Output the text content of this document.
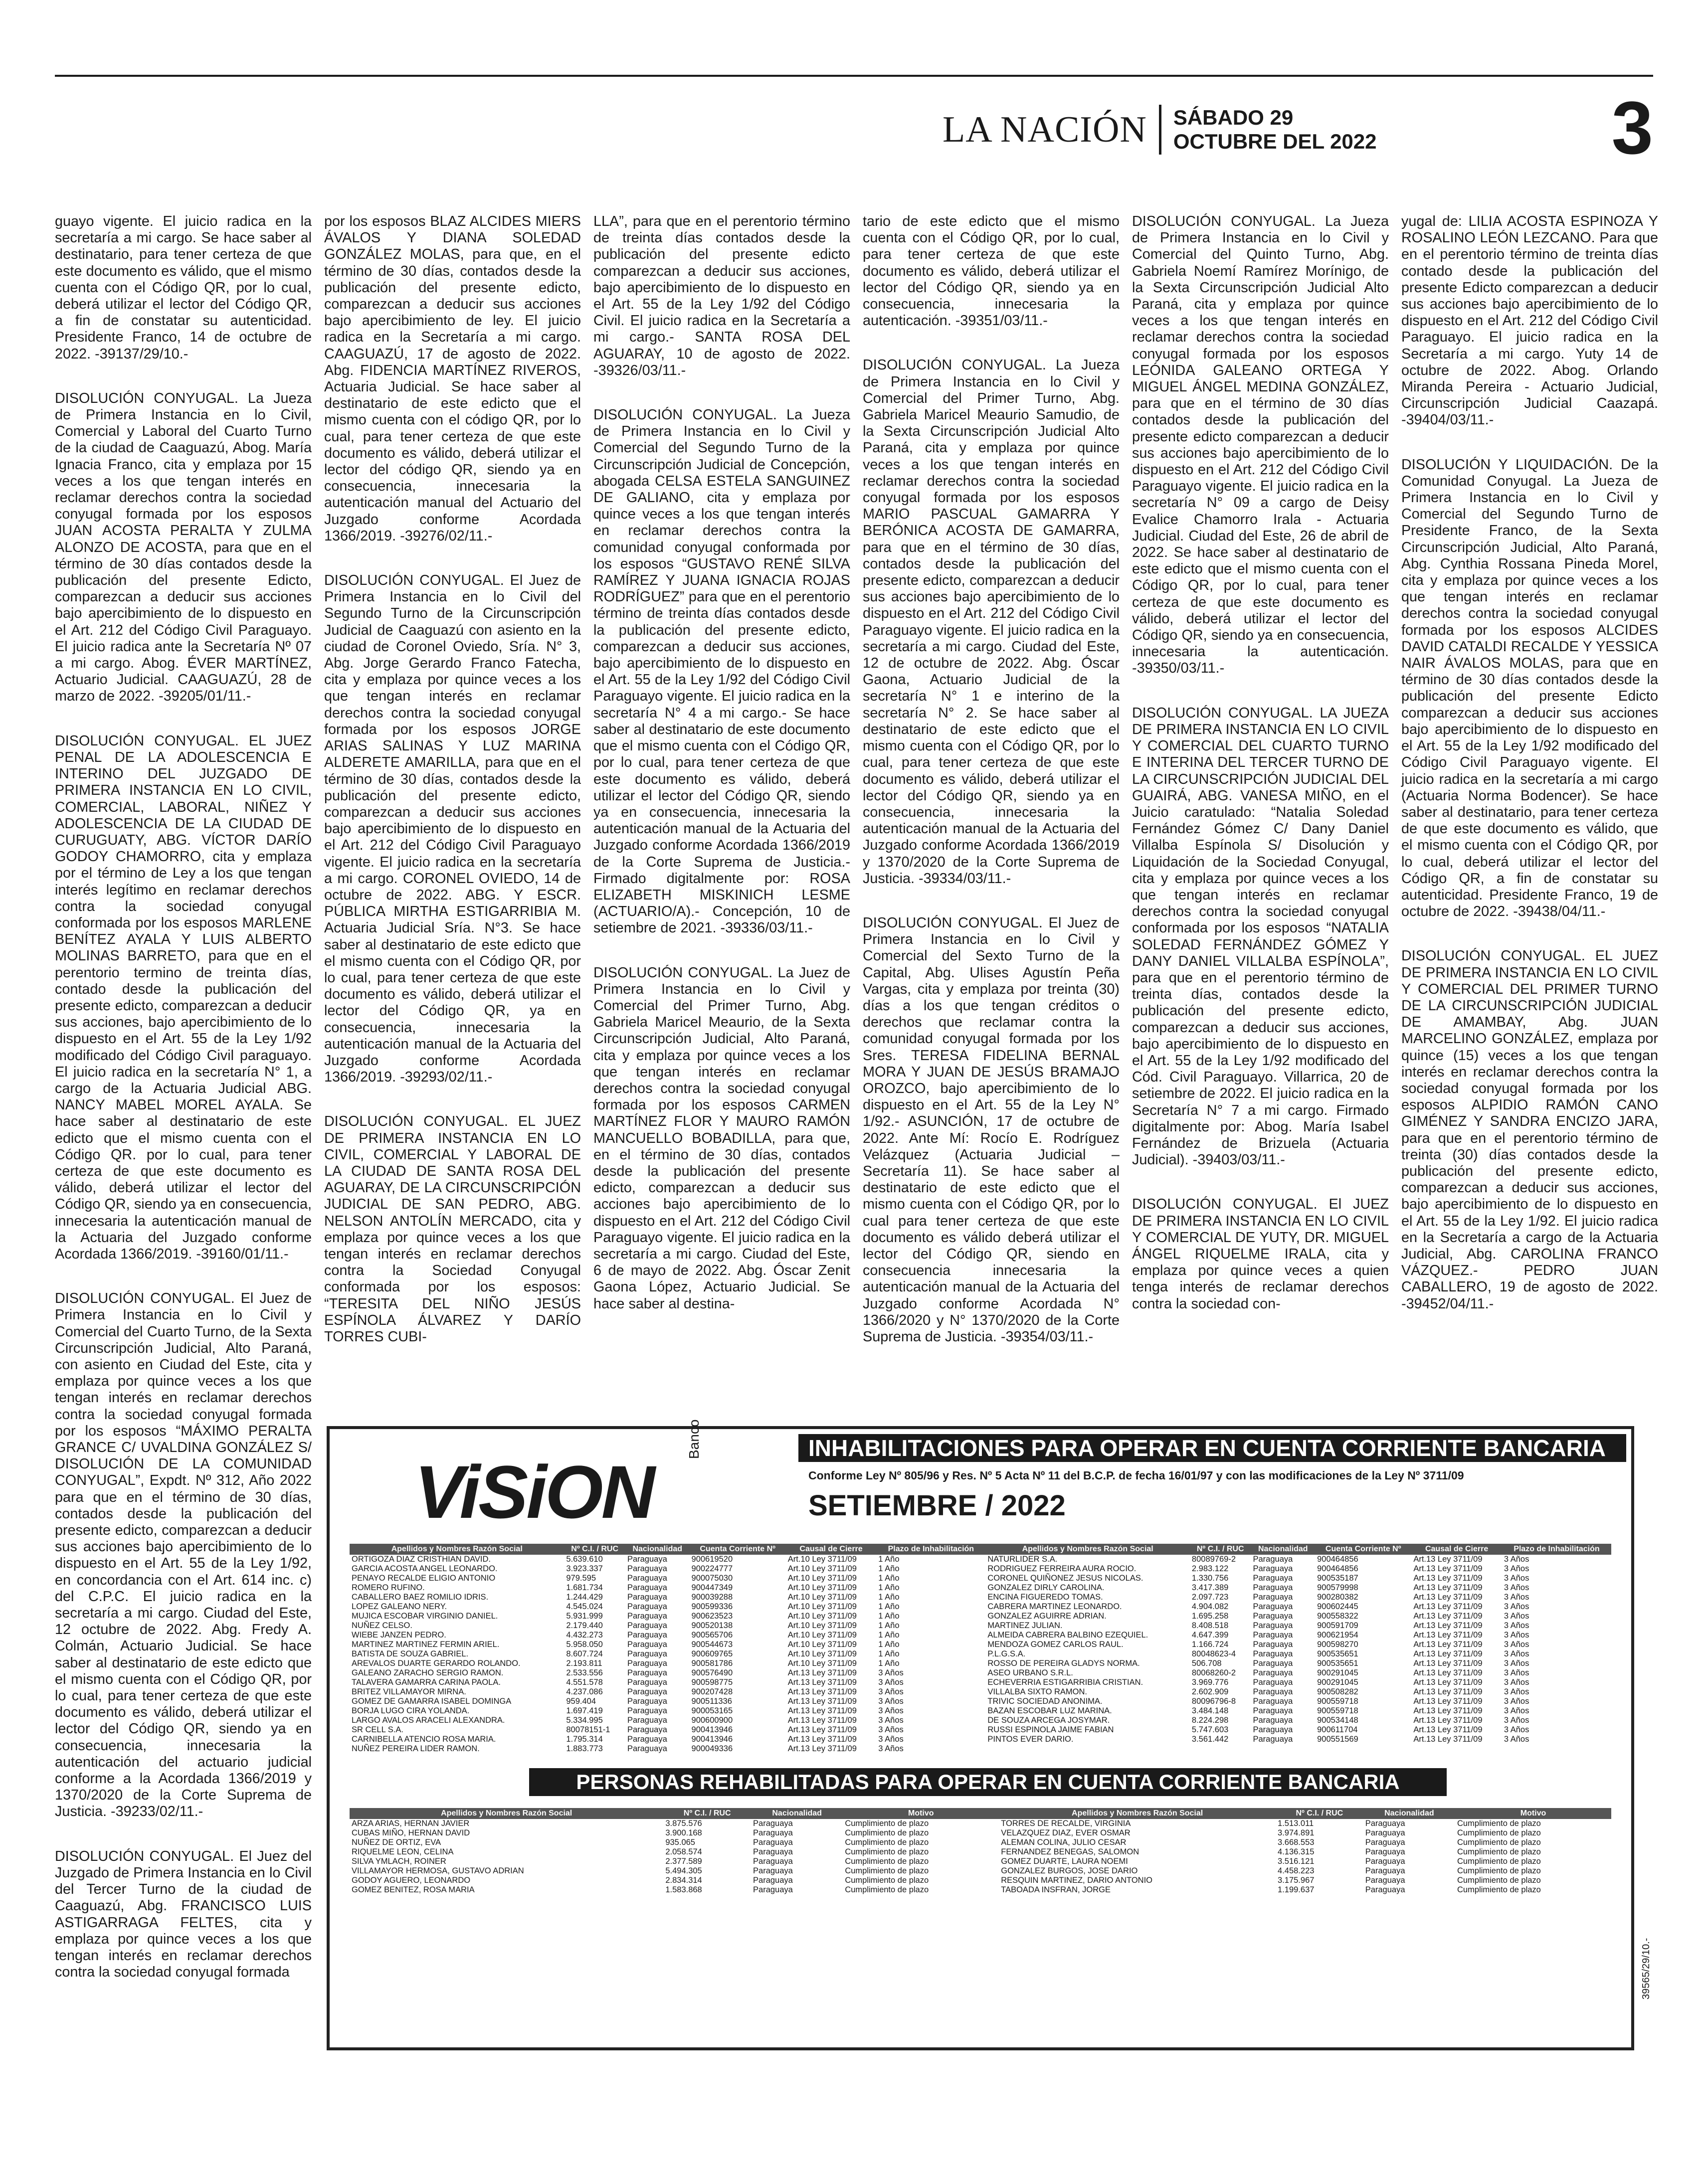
LA NACIÓN SÁBADO 29
OCTUBRE DEL 2022	3

guayo vigente. El juicio radica en la secretaría a mi cargo. Se hace saber al destinatario, para tener certeza de que este documento es válido, que el mismo cuenta con el Código QR, por lo cual, deberá utilizar el lector del Código QR, a fin de constatar su autenticidad. Presidente Franco, 14 de octubre de 2022. -39137/29/10.-

DISOLUCIÓN CONYUGAL. La Jueza de Primera Instancia en lo Civil, Comercial y Laboral del Cuarto Turno de la ciudad de Caaguazú, Abog. María Ignacia Franco, cita y emplaza por 15 veces a los que tengan interés en reclamar derechos contra la sociedad conyugal formada por los esposos JUAN ACOSTA PERALTA Y ZULMA ALONZO DE ACOSTA, para que en el término de 30 días contados desde la publicación del presente Edicto, comparezcan a deducir sus acciones bajo apercibimiento de lo dispuesto en el Art. 212 del Código Civil Paraguayo. El juicio radica ante la Secretaría Nº 07 a mi cargo. Abog. ÉVER MARTÍNEZ, Actuario Judicial. CAAGUAZÚ, 28 de marzo de 2022. -39205/01/11.-

DISOLUCIÓN CONYUGAL. EL JUEZ PENAL DE LA ADOLESCENCIA E INTERINO DEL JUZGADO DE PRIMERA INSTANCIA EN LO CIVIL, COMERCIAL, LABORAL, NIÑEZ Y ADOLESCENCIA DE LA CIUDAD DE CURUGUATY, ABG. VÍCTOR DARÍO GODOY CHAMORRO, cita y emplaza por el término de Ley a los que tengan interés legítimo en reclamar derechos contra la sociedad conyugal conformada por los esposos MARLENE BENÍTEZ AYALA Y LUIS ALBERTO MOLINAS BARRETO, para que en el perentorio termino de treinta días, contado desde la publicación del presente edicto, comparezcan a deducir sus acciones, bajo apercibimiento de lo dispuesto en el Art. 55 de la Ley 1/92 modificado del Código Civil paraguayo. El juicio radica en la secretaría N° 1, a cargo de la Actuaria Judicial ABG. NANCY MABEL MOREL AYALA. Se hace saber al destinatario de este edicto que el mismo cuenta con el Código QR. por lo cual, para tener certeza de que este documento es válido, deberá utilizar el lector del Código QR, siendo ya en consecuencia, innecesaria la autenticación manual de la Actuaria del Juzgado conforme Acordada 1366/2019. -39160/01/11.-

DISOLUCIÓN CONYUGAL. El Juez de Primera Instancia en lo Civil y Comercial del Cuarto Turno, de la Sexta Circunscripción Judicial, Alto Paraná, con asiento en Ciudad del Este, cita y emplaza por quince veces a los que tengan interés en reclamar derechos contra la sociedad conyugal formada por los esposos “MÁXIMO PERALTA GRANCE C/ UVALDINA GONZÁLEZ S/ DISOLUCIÓN DE LA COMUNIDAD CONYUGAL”, Expdt. Nº 312, Año 2022 para que en el término de 30 días, contados desde la publicación del presente edicto, comparezcan a deducir sus acciones bajo apercibimiento de lo dispuesto en el Art. 55 de la Ley 1/92, en concordancia con el Art. 614 inc. c) del C.P.C. El juicio radica en la secretaría a mi cargo. Ciudad del Este, 12 octubre de 2022. Abg. Fredy A. Colmán, Actuario Judicial. Se hace saber al destinatario de este edicto que el mismo cuenta con el Código QR, por lo cual, para tener certeza de que este documento es válido, deberá utilizar el lector del Código QR, siendo ya en consecuencia, innecesaria la autenticación del actuario judicial conforme a la Acordada 1366/2019 y 1370/2020 de la Corte Suprema de Justicia. -39233/02/11.-

DISOLUCIÓN CONYUGAL. El Juez del Juzgado de Primera Instancia en lo Civil del Tercer Turno de la ciudad de Caaguazú, Abg. FRANCISCO LUIS ASTIGARRAGA FELTES, cita y emplaza por quince veces a los que tengan interés en reclamar derechos contra la sociedad conyugal formada

por los esposos BLAZ ALCIDES MIERS ÁVALOS Y DIANA SOLEDAD GONZÁLEZ MOLAS, para que, en el término de 30 días, contados desde la publicación del presente edicto, comparezcan a deducir sus acciones bajo apercibimiento de ley. El juicio radica en la Secretaría a mi cargo. CAAGUAZÚ, 17 de agosto de 2022. Abg. FIDENCIA MARTÍNEZ RIVEROS, Actuaria Judicial. Se hace saber al destinatario de este edicto que el mismo cuenta con el código QR, por lo cual, para tener certeza de que este documento es válido, deberá utilizar el lector del código QR, siendo ya en consecuencia, innecesaria la autenticación manual del Actuario del Juzgado conforme Acordada 1366/2019. -39276/02/11.-

DISOLUCIÓN CONYUGAL. El Juez de Primera Instancia en lo Civil del Segundo Turno de la Circunscripción Judicial de Caaguazú con asiento en la ciudad de Coronel Oviedo, Sría. N° 3, Abg. Jorge Gerardo Franco Fatecha, cita y emplaza por quince veces a los que tengan interés en reclamar derechos contra la sociedad conyugal formada por los esposos JORGE ARIAS SALINAS Y LUZ MARINA ALDERETE AMARILLA, para que en el término de 30 días, contados desde la publicación del presente edicto, comparezcan a deducir sus acciones bajo apercibimiento de lo dispuesto en el Art. 212 del Código Civil Paraguayo vigente. El juicio radica en la secretaría a mi cargo. CORONEL OVIEDO, 14 de octubre de 2022. ABG. Y ESCR. PÚBLICA MIRTHA ESTIGARRIBIA M. Actuaria Judicial Sría. N°3. Se hace saber al destinatario de este edicto que el mismo cuenta con el Código QR, por lo cual, para tener certeza de que este documento es válido, deberá utilizar el lector del Código QR, ya en consecuencia, innecesaria la autenticación manual de la Actuaria del Juzgado conforme Acordada 1366/2019. -39293/02/11.-

DISOLUCIÓN CONYUGAL. EL JUEZ DE PRIMERA INSTANCIA EN LO CIVIL, COMERCIAL Y LABORAL DE LA CIUDAD DE SANTA ROSA DEL AGUARAY, DE LA CIRCUNSCRIPCIÓN JUDICIAL DE SAN PEDRO, ABG. NELSON ANTOLÍN MERCADO, cita y emplaza por quince veces a los que tengan interés en reclamar derechos contra la Sociedad Conyugal conformada por los esposos: “TERESITA DEL NIÑO JESÚS ESPÍNOLA ÁLVAREZ Y DARÍO TORRES CUBI-

LLA”, para que en el perentorio término de treinta días contados desde la publicación del presente edicto comparezcan a deducir sus acciones, bajo apercibimiento de lo dispuesto en el Art. 55 de la Ley 1/92 del Código Civil. El juicio radica en la Secretaría a mi cargo.- SANTA ROSA DEL AGUARAY, 10 de agosto de 2022. -39326/03/11.-

DISOLUCIÓN CONYUGAL. La Jueza de Primera Instancia en lo Civil y Comercial del Segundo Turno de la Circunscripción Judicial de Concepción, abogada CELSA ESTELA SANGUINEZ DE GALIANO, cita y emplaza por quince veces a los que tengan interés en reclamar derechos contra la comunidad conyugal conformada por los esposos “GUSTAVO RENÉ SILVA RAMÍREZ Y JUANA IGNACIA ROJAS RODRÍGUEZ” para que en el perentorio término de treinta días contados desde la publicación del presente edicto, comparezcan a deducir sus acciones, bajo apercibimiento de lo dispuesto en el Art. 55 de la Ley 1/92 del Código Civil Paraguayo vigente. El juicio radica en la secretaría N° 4 a mi cargo.- Se hace saber al destinatario de este documento que el mismo cuenta con el Código QR, por lo cual, para tener certeza de que este documento es válido, deberá utilizar el lector del Código QR, siendo ya en consecuencia, innecesaria la autenticación manual de la Actuaria del Juzgado conforme Acordada 1366/2019 de la Corte Suprema de Justicia.- Firmado digitalmente por: ROSA ELIZABETH MISKINICH LESME (ACTUARIO/A).- Concepción, 10 de setiembre de 2021. -39336/03/11.-

DISOLUCIÓN CONYUGAL. La Juez de Primera Instancia en lo Civil y Comercial del Primer Turno, Abg. Gabriela Maricel Meaurio, de la Sexta Circunscripción Judicial, Alto Paraná, cita y emplaza por quince veces a los que tengan interés en reclamar derechos contra la sociedad conyugal formada por los esposos CARMEN MARTÍNEZ FLOR Y MAURO RAMÓN MANCUELLO BOBADILLA, para que, en el término de 30 días, contados desde la publicación del presente edicto, comparezcan a deducir sus acciones bajo apercibimiento de lo dispuesto en el Art. 212 del Código Civil Paraguayo vigente. El juicio radica en la secretaría a mi cargo. Ciudad del Este, 6 de mayo de 2022. Abg. Óscar Zenit Gaona López, Actuario Judicial. Se hace saber al destina-

tario de este edicto que el mismo cuenta con el Código QR, por lo cual, para tener certeza de que este documento es válido, deberá utilizar el lector del Código QR, siendo ya en consecuencia, innecesaria la autenticación. -39351/03/11.-

DISOLUCIÓN CONYUGAL. La Jueza de Primera Instancia en lo Civil y Comercial del Primer Turno, Abg. Gabriela Maricel Meaurio Samudio, de la Sexta Circunscripción Judicial Alto Paraná, cita y emplaza por quince veces a los que tengan interés en reclamar derechos contra la sociedad conyugal formada por los esposos MARIO PASCUAL GAMARRA Y BERÓNICA ACOSTA DE GAMARRA, para que en el término de 30 días, contados desde la publicación del presente edicto, comparezcan a deducir sus acciones bajo apercibimiento de lo dispuesto en el Art. 212 del Código Civil Paraguayo vigente. El juicio radica en la secretaría a mi cargo. Ciudad del Este, 12 de octubre de 2022. Abg. Óscar Gaona, Actuario Judicial de la secretaría N° 1 e interino de la secretaría N° 2. Se hace saber al destinatario de este edicto que el mismo cuenta con el Código QR, por lo cual, para tener certeza de que este documento es válido, deberá utilizar el lector del Código QR, siendo ya en consecuencia, innecesaria la autenticación manual de la Actuaria del Juzgado conforme Acordada 1366/2019 y 1370/2020 de la Corte Suprema de Justicia. -39334/03/11.-

DISOLUCIÓN CONYUGAL. El Juez de Primera Instancia en lo Civil y Comercial del Sexto Turno de la Capital, Abg. Ulises Agustín Peña Vargas, cita y emplaza por treinta (30) días a los que tengan créditos o derechos que reclamar contra la comunidad conyugal formada por los Sres. TERESA FIDELINA BERNAL MORA Y JUAN DE JESÚS BRAMAJO OROZCO, bajo apercibimiento de lo dispuesto en el Art. 55 de la Ley N° 1/92.- ASUNCIÓN, 17 de octubre de 2022. Ante Mí: Rocío E. Rodríguez Velázquez (Actuaria Judicial – Secretaría 11). Se hace saber al destinatario de este edicto que el mismo cuenta con el Código QR, por lo cual para tener certeza de que este documento es válido deberá utilizar el lector del Código QR, siendo en consecuencia innecesaria la autenticación manual de la Actuaria del Juzgado conforme Acordada N° 1366/2020 y N° 1370/2020 de la Corte Suprema de Justicia. -39354/03/11.-

DISOLUCIÓN CONYUGAL. La Jueza de Primera Instancia en lo Civil y Comercial del Quinto Turno, Abg. Gabriela Noemí Ramírez Morínigo, de la Sexta Circunscripción Judicial Alto Paraná, cita y emplaza por quince veces a los que tengan interés en reclamar derechos contra la sociedad conyugal formada por los esposos LEÓNIDA GALEANO ORTEGA Y MIGUEL ÁNGEL MEDINA GONZÁLEZ, para que en el término de 30 días contados desde la publicación del presente edicto comparezcan a deducir sus acciones bajo apercibimiento de lo dispuesto en el Art. 212 del Código Civil Paraguayo vigente. El juicio radica en la secretaría N° 09 a cargo de Deisy Evalice Chamorro Irala - Actuaria Judicial. Ciudad del Este, 26 de abril de 2022. Se hace saber al destinatario de este edicto que el mismo cuenta con el Código QR, por lo cual, para tener certeza de que este documento es válido, deberá utilizar el lector del Código QR, siendo ya en consecuencia, innecesaria la autenticación. -39350/03/11.-

DISOLUCIÓN CONYUGAL. LA JUEZA DE PRIMERA INSTANCIA EN LO CIVIL Y COMERCIAL DEL CUARTO TURNO E INTERINA DEL TERCER TURNO DE LA CIRCUNSCRIPCIÓN JUDICIAL DEL GUAIRÁ, ABG. VANESA MIÑO, en el Juicio caratulado: “Natalia Soledad Fernández Gómez C/ Dany Daniel Villalba Espínola S/ Disolución y Liquidación de la Sociedad Conyugal, cita y emplaza por quince veces a los que tengan interés en reclamar derechos contra la sociedad conyugal conformada por los esposos “NATALIA SOLEDAD FERNÁNDEZ GÓMEZ Y DANY DANIEL VILLALBA ESPÍNOLA”, para que en el perentorio término de treinta días, contados desde la publicación del presente edicto, comparezcan a deducir sus acciones, bajo apercibimiento de lo dispuesto en el Art. 55 de la Ley 1/92 modificado del Cód. Civil Paraguayo. Villarrica, 20 de setiembre de 2022. El juicio radica en la Secretaría N° 7 a mi cargo. Firmado digitalmente por: Abog. María Isabel Fernández de Brizuela (Actuaria Judicial). -39403/03/11.-

DISOLUCIÓN CONYUGAL. El JUEZ DE PRIMERA INSTANCIA EN LO CIVIL Y COMERCIAL DE YUTY, DR. MIGUEL ÁNGEL RIQUELME IRALA, cita y emplaza por quince veces a quien tenga interés de reclamar derechos contra la sociedad con-

yugal de: LILIA ACOSTA ESPINOZA Y ROSALINO LEÓN LEZCANO. Para que en el perentorio término de treinta días contado desde la publicación del presente Edicto comparezcan a deducir sus acciones bajo apercibimiento de lo dispuesto en el Art. 212 del Código Civil Paraguayo. El juicio radica en la Secretaría a mi cargo. Yuty 14 de octubre de 2022. Abog. Orlando Miranda Pereira - Actuario Judicial, Circunscripción Judicial Caazapá. -39404/03/11.-

DISOLUCIÓN Y LIQUIDACIÓN. De la Comunidad Conyugal. La Jueza de Primera Instancia en lo Civil y Comercial del Segundo Turno de Presidente Franco, de la Sexta Circunscripción Judicial, Alto Paraná, Abg. Cynthia Rossana Pineda Morel, cita y emplaza por quince veces a los que tengan interés en reclamar derechos contra la sociedad conyugal formada por los esposos ALCIDES DAVID CATALDI RECALDE Y YESSICA NAIR ÁVALOS MOLAS, para que en término de 30 días contados desde la publicación del presente Edicto comparezcan a deducir sus acciones bajo apercibimiento de lo dispuesto en el Art. 55 de la Ley 1/92 modificado del Código Civil Paraguayo vigente. El juicio radica en la secretaría a mi cargo (Actuaria Norma Bodencer). Se hace saber al destinatario, para tener certeza de que este documento es válido, que el mismo cuenta con el Código QR, por lo cual, deberá utilizar el lector del Código QR, a fin de constatar su autenticidad. Presidente Franco, 19 de octubre de 2022. -39438/04/11.-

DISOLUCIÓN CONYUGAL. EL JUEZ DE PRIMERA INSTANCIA EN LO CIVIL Y COMERCIAL DEL PRIMER TURNO DE LA CIRCUNSCRIPCIÓN JUDICIAL DE AMAMBAY, Abg. JUAN MARCELINO GONZÁLEZ, emplaza por quince (15) veces a los que tengan interés en reclamar derechos contra la sociedad conyugal formada por los esposos ALPIDIO RAMÓN CANO GIMÉNEZ Y SANDRA ENCIZO JARA, para que en el perentorio término de treinta (30) días contados desde la publicación del presente edicto, comparezcan a deducir sus acciones, bajo apercibimiento de lo dispuesto en el Art. 55 de la Ley 1/92. El juicio radica en la Secretaría a cargo de la Actuaria Judicial, Abg. CAROLINA FRANCO VÁZQUEZ.- PEDRO JUAN CABALLERO, 19 de agosto de 2022. -39452/04/11.-

ViSiON
Banco	INHABILITACIONES PARA OPERAR EN CUENTA CORRIENTE BANCARIA
Conforme Ley Nº 805/96 y Res. Nº 5 Acta Nº 11 del B.C.P. de fecha 16/01/97 y con las modificaciones de la Ley Nº 3711/09
SETIEMBRE / 2022
Apellidos y Nombres Razón Social	Nº C.I. / RUC	Nacionalidad	Cuenta Corriente Nº	Causal de Cierre	Plazo de Inhabilitación	Apellidos y Nombres Razón Social	Nº C.I. / RUC	Nacionalidad	Cuenta Corriente Nº	Causal de Cierre	Plazo de Inhabilitación
ORTIGOZA DIAZ CRISTHIAN DAVID.	5.639.610	Paraguaya	900619520	Art.10 Ley 3711/09	1 Año	NATURLIDER S.A.	80089769-2	Paraguaya	900464856	Art.13 Ley 3711/09	3 Años
GARCIA ACOSTA ANGEL LEONARDO.	3.923.337	Paraguaya	900224777	Art.10 Ley 3711/09	1 Año	RODRIGUEZ FERREIRA AURA ROCIO.	2.983.122	Paraguaya	900464856	Art.13 Ley 3711/09	3 Años
PENAYO RECALDE ELIGIO ANTONIO	979.595	Paraguaya	900075030	Art.10 Ley 3711/09	1 Año	CORONEL QUIÑONEZ JESUS NICOLAS.	1.330.756	Paraguaya	900535187	Art.13 Ley 3711/09	3 Años
ROMERO RUFINO.	1.681.734	Paraguaya	900447349	Art.10 Ley 3711/09	1 Año	GONZALEZ DIRLY CAROLINA.	3.417.389	Paraguaya	900579998	Art.13 Ley 3711/09	3 Años
CABALLERO BAEZ ROMILIO IDRIS.	1.244.429	Paraguaya	900039288	Art.10 Ley 3711/09	1 Año	ENCINA FIGUEREDO TOMAS.	2.097.723	Paraguaya	900280382	Art.13 Ley 3711/09	3 Años
LOPEZ GALEANO NERY.	4.545.024	Paraguaya	900599336	Art.10 Ley 3711/09	1 Año	CABRERA MARTINEZ LEONARDO.	4.904.082	Paraguaya	900602445	Art.13 Ley 3711/09	3 Años
MUJICA ESCOBAR VIRGINIO DANIEL.	5.931.999	Paraguaya	900623523	Art.10 Ley 3711/09	1 Año	GONZALEZ AGUIRRE ADRIAN.	1.695.258	Paraguaya	900558322	Art.13 Ley 3711/09	3 Años
NUÑEZ CELSO.	2.179.440	Paraguaya	900520138	Art.10 Ley 3711/09	1 Año	MARTINEZ JULIAN.	8.408.518	Paraguaya	900591709	Art.13 Ley 3711/09	3 Años
WIEBE JANZEN PEDRO.	4.432.273	Paraguaya	900565706	Art.10 Ley 3711/09	1 Año	ALMEIDA CABRERA BALBINO EZEQUIEL.	4.647.399	Paraguaya	900621954	Art.13 Ley 3711/09	3 Años
MARTINEZ MARTINEZ FERMIN ARIEL.	5.958.050	Paraguaya	900544673	Art.10 Ley 3711/09	1 Año	MENDOZA GOMEZ CARLOS RAUL.	1.166.724	Paraguaya	900598270	Art.13 Ley 3711/09	3 Años
BATISTA DE SOUZA GABRIEL.	8.607.724	Paraguaya	900609765	Art.10 Ley 3711/09	1 Año	P.L.G.S.A.	80048623-4	Paraguaya	900535651	Art.13 Ley 3711/09	3 Años
AREVALOS DUARTE GERARDO ROLANDO.	2.193.811	Paraguaya	900581786	Art.10 Ley 3711/09	1 Año	ROSSO DE PEREIRA GLADYS NORMA.	506.708	Paraguaya	900535651	Art.13 Ley 3711/09	3 Años
GALEANO ZARACHO SERGIO RAMON.	2.533.556	Paraguaya	900576490	Art.13 Ley 3711/09	3 Años	ASEO URBANO S.R.L.	80068260-2	Paraguaya	900291045	Art.13 Ley 3711/09	3 Años
TALAVERA GAMARRA CARINA PAOLA.	4.551.578	Paraguaya	900598775	Art.13 Ley 3711/09	3 Años	ECHEVERRIA ESTIGARRIBIA CRISTIAN.	3.969.776	Paraguaya	900291045	Art.13 Ley 3711/09	3 Años
BRITEZ VILLAMAYOR MIRNA.	4.237.086	Paraguaya	900207428	Art.13 Ley 3711/09	3 Años	VILLALBA SIXTO RAMON.	2.602.909	Paraguaya	900508282	Art.13 Ley 3711/09	3 Años
GOMEZ DE GAMARRA ISABEL DOMINGA	959.404	Paraguaya	900511336	Art.13 Ley 3711/09	3 Años	TRIVIC SOCIEDAD ANONIMA.	80096796-8	Paraguaya	900559718	Art.13 Ley 3711/09	3 Años
BORJA LUGO CIRA YOLANDA.	1.697.419	Paraguaya	900053165	Art.13 Ley 3711/09	3 Años	BAZAN ESCOBAR LUZ MARINA.	3.484.148	Paraguaya	900559718	Art.13 Ley 3711/09	3 Años
LARGO AVALOS ARACELI ALEXANDRA.	5.334.995	Paraguaya	900600900	Art.13 Ley 3711/09	3 Años	DE SOUZA ARCEGA JOSYMAR.	8.224.298	Paraguaya	900534148	Art.13 Ley 3711/09	3 Años
SR CELL S.A.	80078151-1	Paraguaya	900413946	Art.13 Ley 3711/09	3 Años	RUSSI ESPINOLA JAIME FABIAN	5.747.603	Paraguaya	900611704	Art.13 Ley 3711/09	3 Años
CARNIBELLA ATENCIO ROSA MARIA.	1.795.314	Paraguaya	900413946	Art.13 Ley 3711/09	3 Años	PINTOS EVER DARIO.	3.561.442	Paraguaya	900551569	Art.13 Ley 3711/09	3 Años
NUÑEZ PEREIRA LIDER RAMON.	1.883.773	Paraguaya	900049336	Art.13 Ley 3711/09	3 Años						
PERSONAS REHABILITADAS PARA OPERAR EN CUENTA CORRIENTE BANCARIA
Apellidos y Nombres Razón Social	Nº C.I. / RUC	Nacionalidad	Motivo	Apellidos y Nombres Razón Social	Nº C.I. / RUC	Nacionalidad	Motivo
ARZA ARIAS, HERNAN JAVIER	3.875.576	Paraguaya	Cumplimiento de plazo	TORRES DE RECALDE, VIRGINIA	1.513.011	Paraguaya	Cumplimiento de plazo
CUBAS MIÑO, HERNAN DAVID	3.900.168	Paraguaya	Cumplimiento de plazo	VELAZQUEZ DIAZ, EVER OSMAR	3.974.891	Paraguaya	Cumplimiento de plazo
NUÑEZ DE ORTIZ, EVA	935.065	Paraguaya	Cumplimiento de plazo	ALEMAN COLINA, JULIO CESAR	3.668.553	Paraguaya	Cumplimiento de plazo
RIQUELME LEON, CELINA	2.058.574	Paraguaya	Cumplimiento de plazo	FERNANDEZ BENEGAS, SALOMON	4.136.315	Paraguaya	Cumplimiento de plazo
SILVA YMLACH, ROINER	2.377.589	Paraguaya	Cumplimiento de plazo	GOMEZ DUARTE, LAURA NOEMI	3.516.121	Paraguaya	Cumplimiento de plazo
VILLAMAYOR HERMOSA, GUSTAVO ADRIAN	5.494.305	Paraguaya	Cumplimiento de plazo	GONZALEZ BURGOS, JOSE DARIO	4.458.223	Paraguaya	Cumplimiento de plazo
GODOY AGUERO, LEONARDO	2.834.314	Paraguaya	Cumplimiento de plazo	RESQUIN MARTINEZ, DARIO ANTONIO	3.175.967	Paraguaya	Cumplimiento de plazo
GOMEZ BENITEZ, ROSA MARIA	1.583.868	Paraguaya	Cumplimiento de plazo	TABOADA INSFRAN, JORGE	1.199.637	Paraguaya	Cumplimiento de plazo
39565/29/10.-
